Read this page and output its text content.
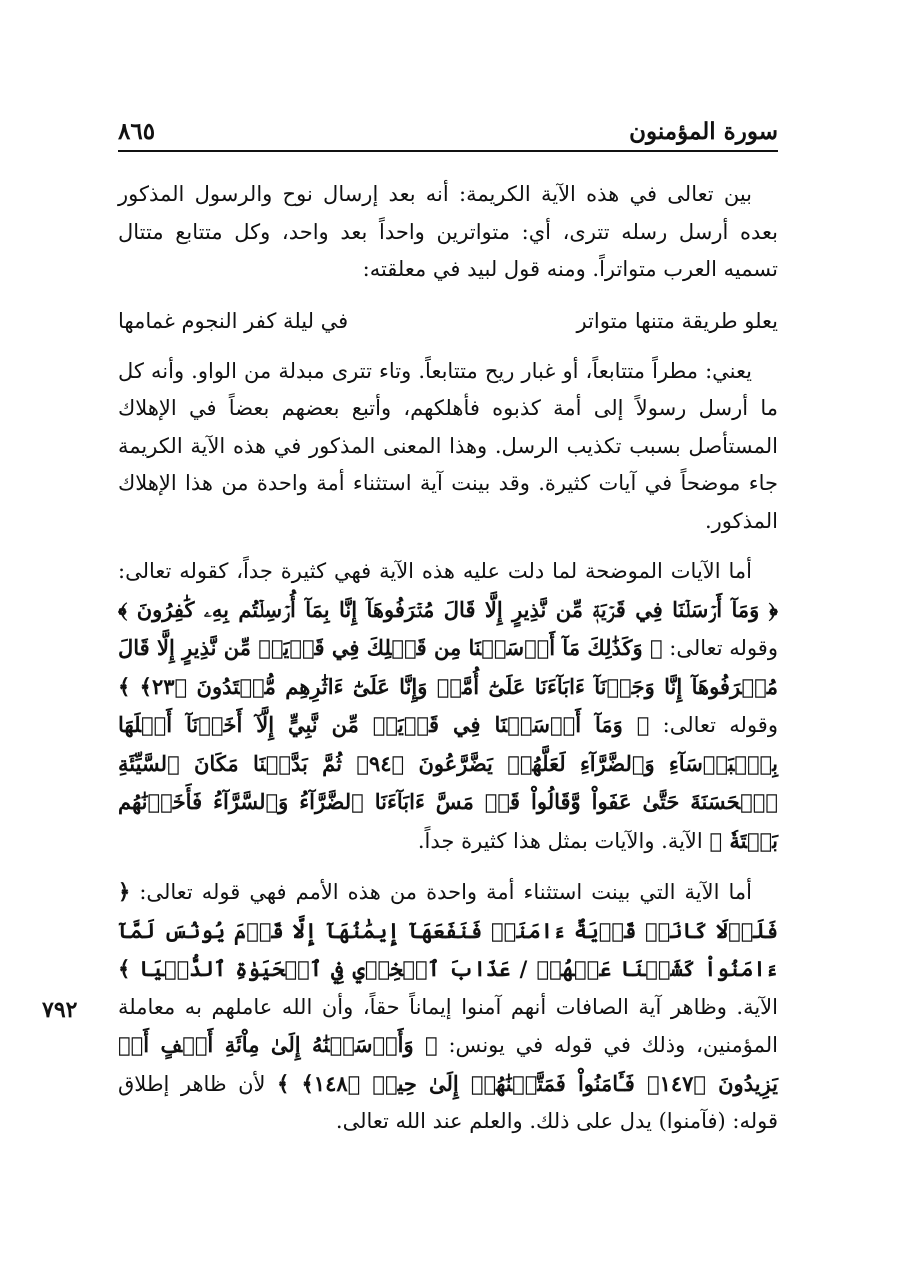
سورة المؤمنون
٨٦٥
٧٩٢

بين تعالى في هذه الآية الكريمة: أنه بعد إرسال نوح والرسول المذكور بعده أرسل رسله تترى، أي: متواترين واحداً بعد واحد، وكل متتابع متتال تسميه العرب متواتراً. ومنه قول لبيد في معلقته:

يعلو طريقة متنها متواتر
في ليلة كفر النجوم غمامها

يعني: مطراً متتابعاً، أو غبار ريح متتابعاً. وتاء تترى مبدلة من الواو. وأنه كل ما أرسل رسولاً إلى أمة كذبوه فأهلكهم، وأتبع بعضهم بعضاً في الإهلاك المستأصل بسبب تكذيب الرسل. وهذا المعنى المذكور في هذه الآية الكريمة جاء موضحاً في آيات كثيرة. وقد بينت آية استثناء أمة واحدة من هذا الإهلاك المذكور.

أما الآيات الموضحة لما دلت عليه هذه الآية فهي كثيرة جداً، كقوله تعالى: ﴿ وَمَآ أَرۡسَلۡنَا فِي قَرۡيَةٖ مِّن نَّذِيرٍ إِلَّا قَالَ مُتۡرَفُوهَآ إِنَّا بِمَآ أُرۡسِلۡتُم بِهِۦ كَٰفِرُونَ ﴾ وقوله تعالى: ﴿ وَكَذَٰلِكَ مَآ أَرۡسَلۡنَا مِن قَبۡلِكَ فِي قَرۡيَةٖ مِّن نَّذِيرٍ إِلَّا قَالَ مُتۡرَفُوهَآ إِنَّا وَجَدۡنَآ ءَابَآءَنَا عَلَىٰٓ أُمَّةٖ وَإِنَّا عَلَىٰٓ ءَاثَٰرِهِم مُّقۡتَدُونَ ﴿٢٣﴾ ﴾ وقوله تعالى: ﴿ وَمَآ أَرۡسَلۡنَا فِي قَرۡيَةٖ مِّن نَّبِيٍّ إِلَّآ أَخَذۡنَآ أَهۡلَهَا بِٱلۡبَأۡسَآءِ وَٱلضَّرَّآءِ لَعَلَّهُمۡ يَضَّرَّعُونَ ﴿٩٤﴾ ثُمَّ بَدَّلۡنَا مَكَانَ ٱلسَّيِّئَةِ ٱلۡحَسَنَةَ حَتَّىٰ عَفَواْ وَّقَالُواْ قَدۡ مَسَّ ءَابَآءَنَا ٱلضَّرَّآءُ وَٱلسَّرَّآءُ فَأَخَذۡنَٰهُم بَغۡتَةٗ ﴾ الآية. والآيات بمثل هذا كثيرة جداً.

أما الآية التي بينت استثناء أمة واحدة من هذه الأمم فهي قوله تعالى: ﴿ فَلَوۡلَا كَانَتۡ قَرۡيَةٌ ءَامَنَتۡ فَنَفَعَهَآ إِيمَٰنُهَآ إِلَّا قَوۡمَ يُونُسَ لَمَّآ ءَامَنُواْ كَشَفۡنَا عَنۡهُمۡ / عَذَابَ ٱلۡخِزۡيِ فِي ٱلۡحَيَوٰةِ ٱلدُّنۡيَا ﴾ الآية. وظاهر آية الصافات أنهم آمنوا إيماناً حقاً، وأن الله عاملهم به معاملة المؤمنين، وذلك في قوله في يونس: ﴿ وَأَرۡسَلۡنَٰهُ إِلَىٰ مِاْئَةِ أَلۡفٍ أَوۡ يَزِيدُونَ ﴿١٤٧﴾ فَـَٔامَنُواْ فَمَتَّعۡنَٰهُمۡ إِلَىٰ حِينٖ ﴿١٤٨﴾ ﴾ لأن ظاهر إطلاق قوله: (فآمنوا) يدل على ذلك. والعلم عند الله تعالى.
